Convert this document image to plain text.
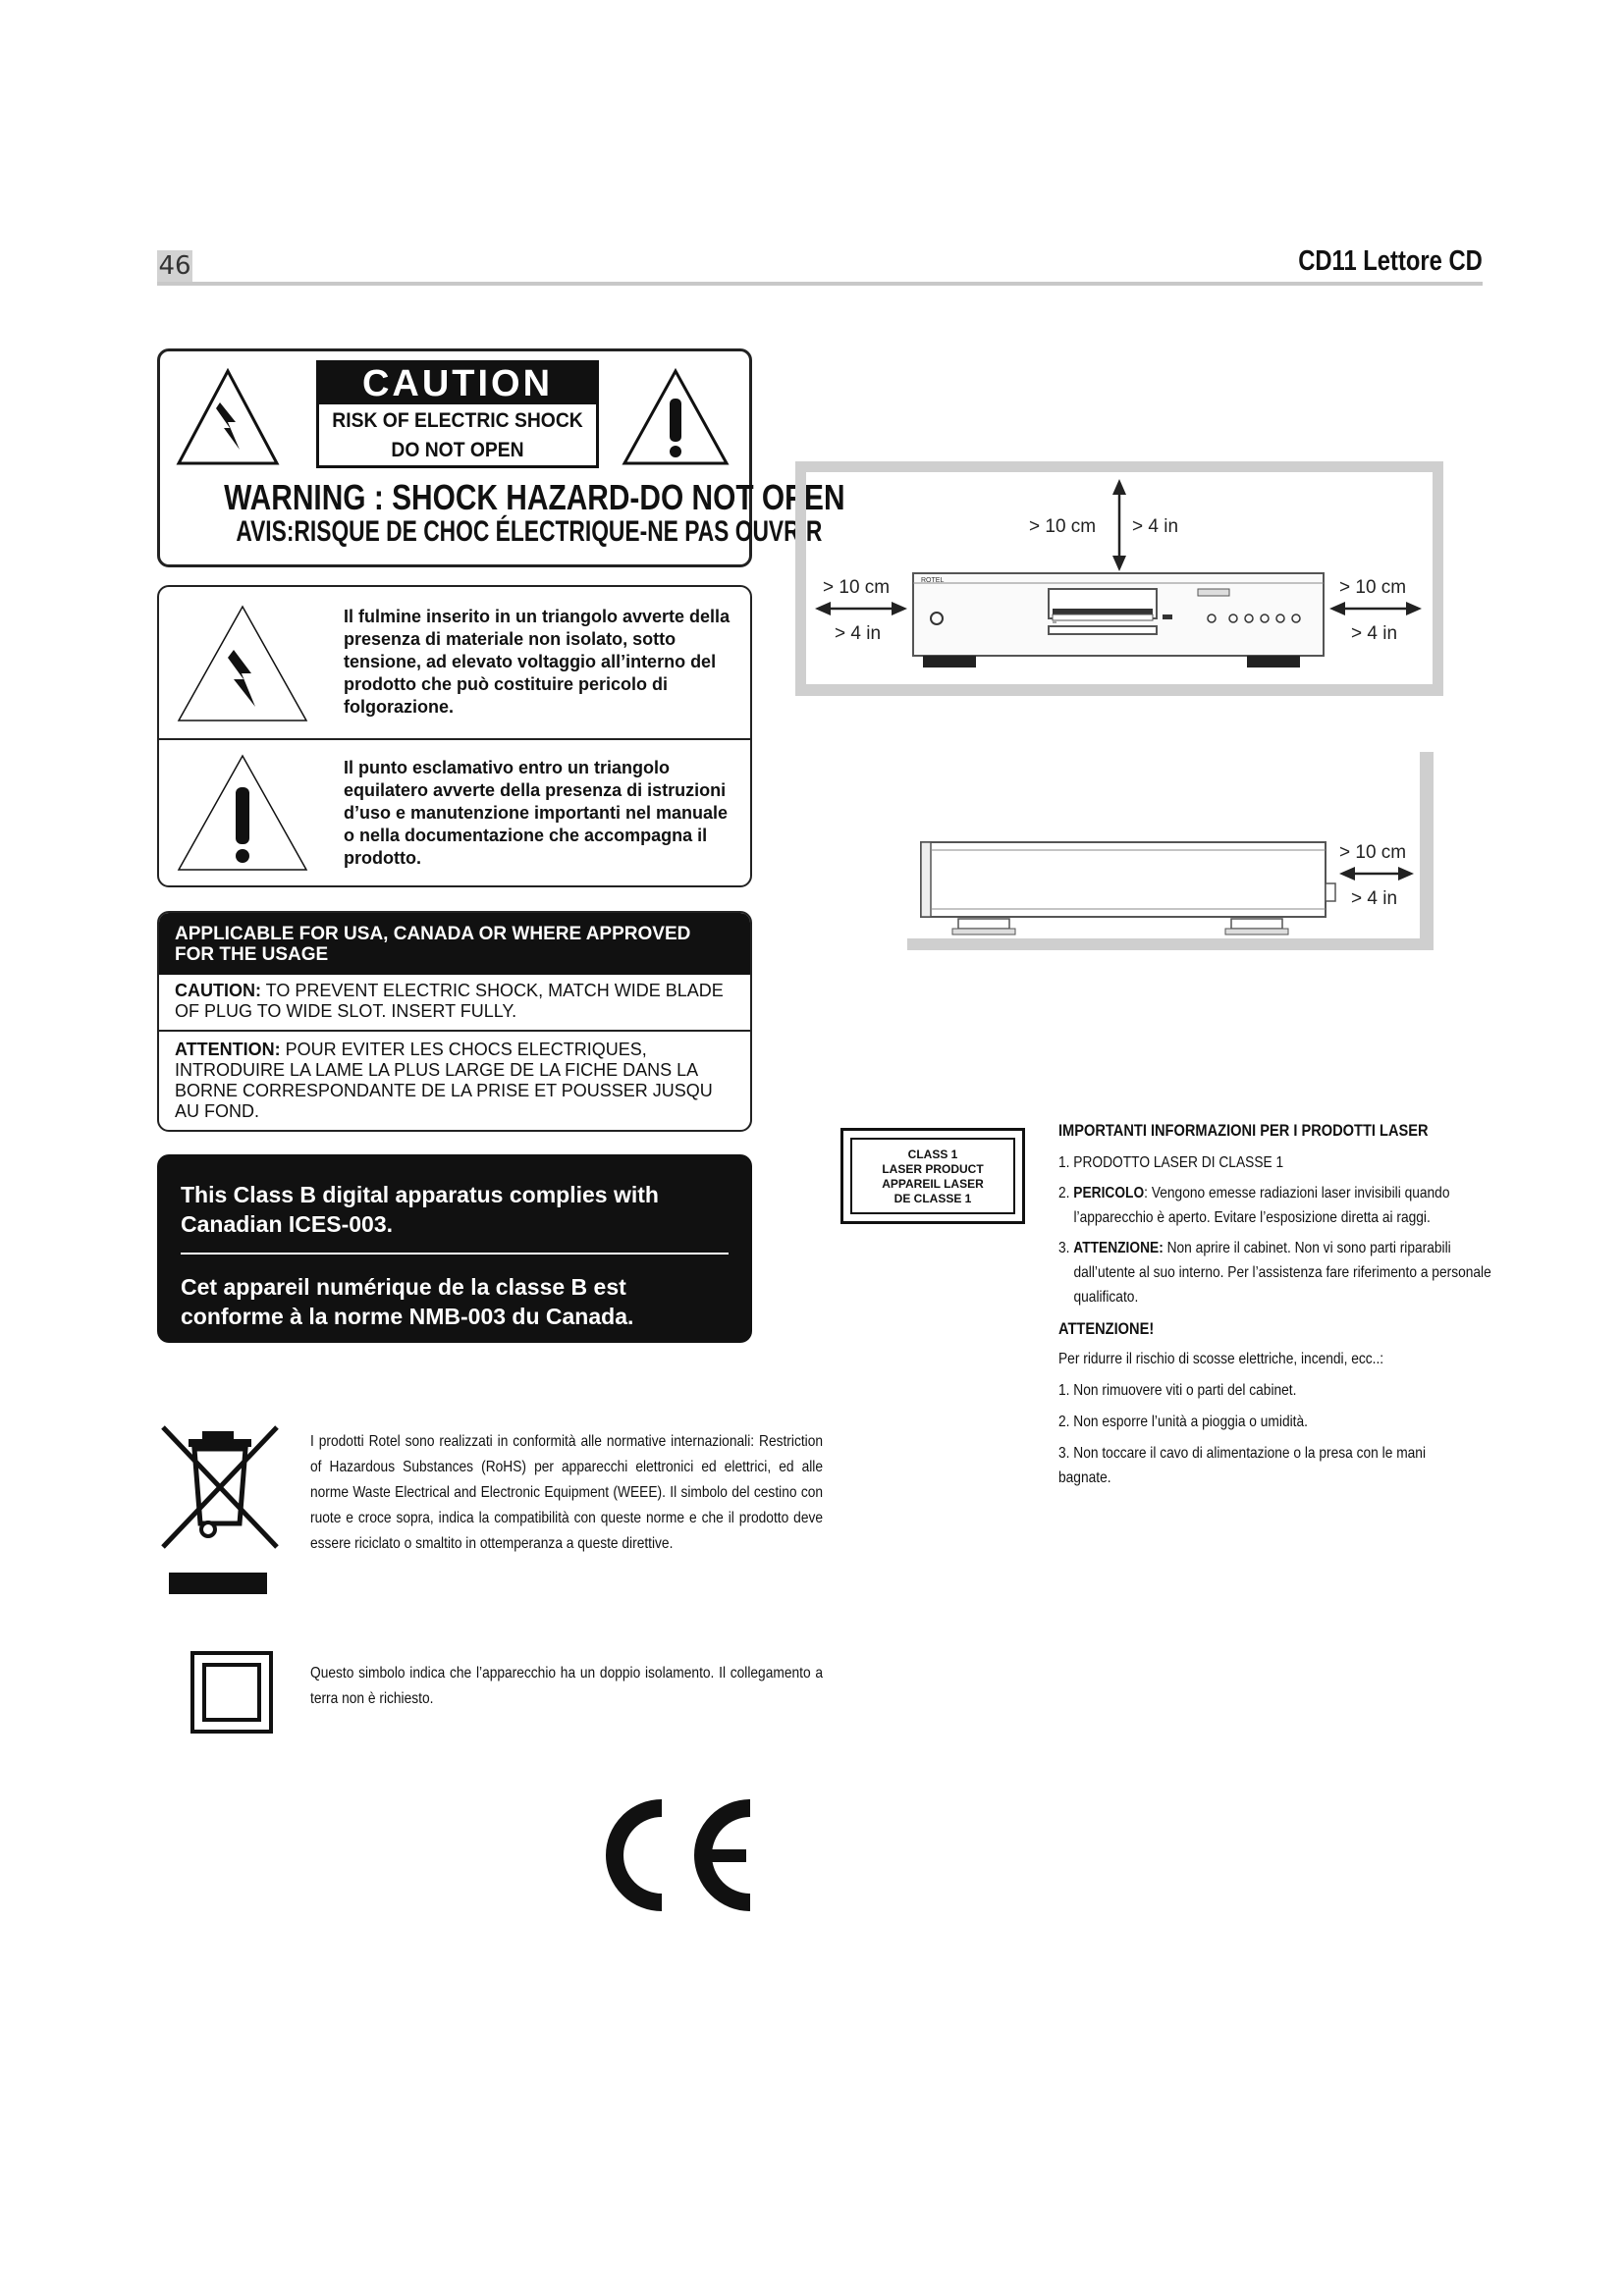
46	CD11 Lettore CD
CAUTION
RISK OF ELECTRIC SHOCK
DO NOT OPEN
WARNING : SHOCK HAZARD-DO NOT OPEN
AVIS:RISQUE DE CHOC ÉLECTRIQUE-NE PAS OUVRIR
Il fulmine inserito in un triangolo avverte della presenza di materiale non isolato, sotto tensione, ad elevato voltaggio all’interno del prodotto che può costituire pericolo di folgorazione.
Il punto esclamativo entro un triangolo equilatero avverte della presenza di istruzioni d’uso e manutenzione importanti nel manuale o nella documentazione che accompagna il prodotto.
APPLICABLE FOR USA, CANADA OR WHERE APPROVED FOR THE USAGE
CAUTION: TO PREVENT ELECTRIC SHOCK, MATCH WIDE BLADE OF PLUG TO WIDE SLOT. INSERT FULLY.
ATTENTION: POUR EVITER LES CHOCS ELECTRIQUES, INTRODUIRE LA LAME LA PLUS LARGE DE LA FICHE DANS LA BORNE CORRESPONDANTE DE LA PRISE ET POUSSER JUSQU AU FOND.
This Class B digital apparatus complies with Canadian ICES-003.
Cet appareil numérique de la classe B est conforme à la norme NMB-003 du Canada.
I prodotti Rotel sono realizzati in conformità alle normative internazionali: Restriction of Hazardous Substances (RoHS) per apparecchi elettronici ed elettrici, ed alle norme Waste Electrical and Electronic Equipment (WEEE). Il simbolo del cestino con ruote e croce sopra, indica la compatibilità con queste norme e che il prodotto deve essere riciclato o smaltito in ottemperanza a queste direttive.
Questo simbolo indica che l’apparecchio ha un doppio isolamento. Il collegamento a terra non è richiesto.
> 10 cm > 4 in
> 10 cm
> 4 in
> 10 cm
> 4 in
ROTEL
> 10 cm
> 4 in
CLASS 1
LASER PRODUCT
APPAREIL LASER
DE CLASSE 1
IMPORTANTI INFORMAZIONI PER I PRODOTTI LASER
1. PRODOTTO LASER DI CLASSE 1
2. PERICOLO: Vengono emesse radiazioni laser invisibili quando l’apparecchio è aperto. Evitare l’esposizione diretta ai raggi.
3. ATTENZIONE: Non aprire il cabinet. Non vi sono parti riparabili dall’utente al suo interno. Per l’assistenza fare riferimento a personale qualificato.
ATTENZIONE!
Per ridurre il rischio di scosse elettriche, incendi, ecc..:
1. Non rimuovere viti o parti del cabinet.
2. Non esporre l’unità a pioggia o umidità.
3. Non toccare il cavo di alimentazione o la presa con le mani bagnate.
